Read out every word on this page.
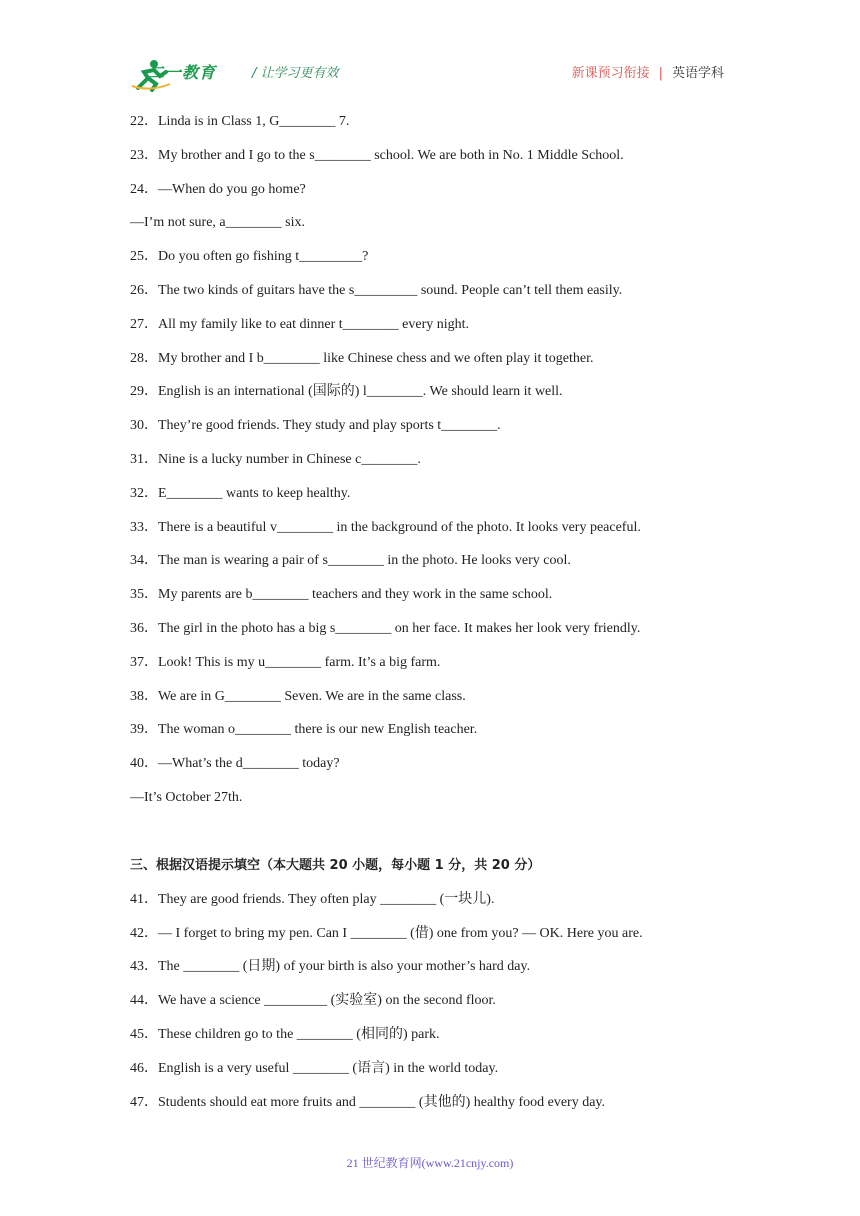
二一教育	/ 让学习更有效	新课预习衔接 | 英语学科
22．Linda is in Class 1, G________ 7.
23．My brother and I go to the s________ school. We are both in No. 1 Middle School.
24．—When do you go home?
—I’m not sure, a________ six.
25．Do you often go fishing t_________?
26．The two kinds of guitars have the s_________ sound. People can’t tell them easily.
27．All my family like to eat dinner t________ every night.
28．My brother and I b________ like Chinese chess and we often play it together.
29．English is an international (国际的) l________. We should learn it well.
30．They’re good friends. They study and play sports t________.
31．Nine is a lucky number in Chinese c________.
32．E________ wants to keep healthy.
33．There is a beautiful v________ in the background of the photo. It looks very peaceful.
34．The man is wearing a pair of s________ in the photo. He looks very cool.
35．My parents are b________ teachers and they work in the same school.
36．The girl in the photo has a big s________ on her face. It makes her look very friendly.
37．Look! This is my u________ farm. It’s a big farm.
38．We are in G________ Seven. We are in the same class.
39．The woman o________ there is our new English teacher.
40．—What’s the d________ today?
—It’s October 27th.
三、根据汉语提示填空（本大题共 20 小题，每小题 1 分，共 20 分）
41．They are good friends. They often play ________ (一块儿).
42．— I forget to bring my pen. Can I ________ (借) one from you? — OK. Here you are.
43．The ________ (日期) of your birth is also your mother’s hard day.
44．We have a science _________ (实验室) on the second floor.
45．These children go to the ________ (相同的) park.
46．English is a very useful ________ (语言) in the world today.
47．Students should eat more fruits and ________ (其他的) healthy food every day.
21 世纪教育网(www.21cnjy.com)
